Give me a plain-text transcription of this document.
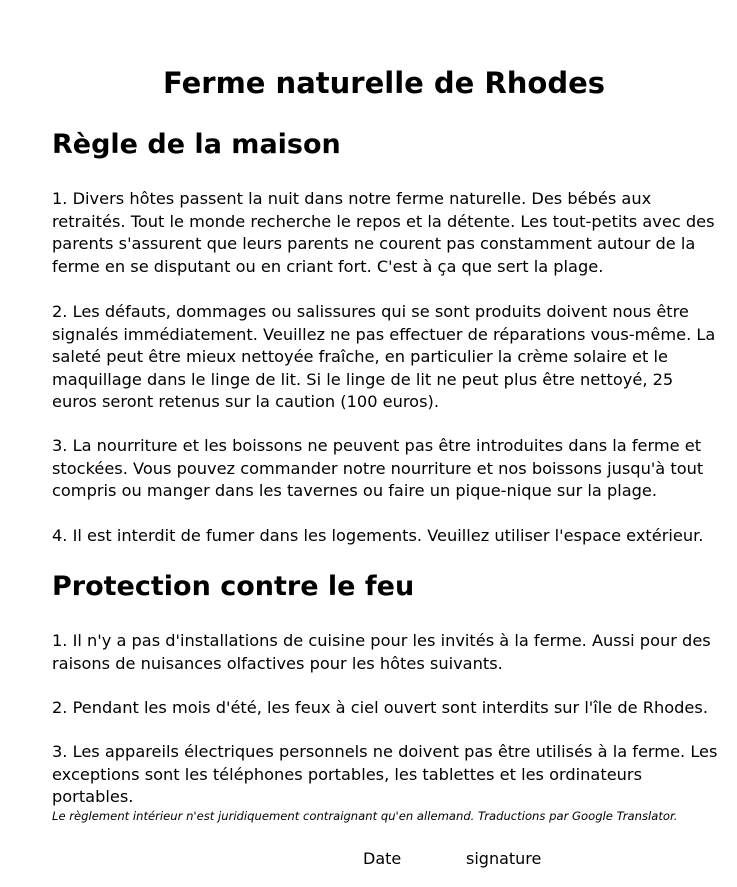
Ferme naturelle de Rhodes
Règle de la maison

1. Divers hôtes passent la nuit dans notre ferme naturelle. Des bébés aux retraités. Tout le monde recherche le repos et la détente. Les tout-petits avec des parents s'assurent que leurs parents ne courent pas constamment autour de la ferme en se disputant ou en criant fort. C'est à ça que sert la plage.

2. Les défauts, dommages ou salissures qui se sont produits doivent nous être signalés immédiatement. Veuillez ne pas effectuer de réparations vous-même. La saleté peut être mieux nettoyée fraîche, en particulier la crème solaire et le maquillage dans le linge de lit. Si le linge de lit ne peut plus être nettoyé, 25 euros seront retenus sur la caution (100 euros).

3. La nourriture et les boissons ne peuvent pas être introduites dans la ferme et stockées. Vous pouvez commander notre nourriture et nos boissons jusqu'à tout compris ou manger dans les tavernes ou faire un pique-nique sur la plage.

4. Il est interdit de fumer dans les logements. Veuillez utiliser l'espace extérieur.

Protection contre le feu

1. Il n'y a pas d'installations de cuisine pour les invités à la ferme. Aussi pour des raisons de nuisances olfactives pour les hôtes suivants.

2. Pendant les mois d'été, les feux à ciel ouvert sont interdits sur l'île de Rhodes.

3. Les appareils électriques personnels ne doivent pas être utilisés à la ferme. Les exceptions sont les téléphones portables, les tablettes et les ordinateurs portables.

Le règlement intérieur n'est juridiquement contraignant qu'en allemand. Traductions par Google Translator.

Date	signature
